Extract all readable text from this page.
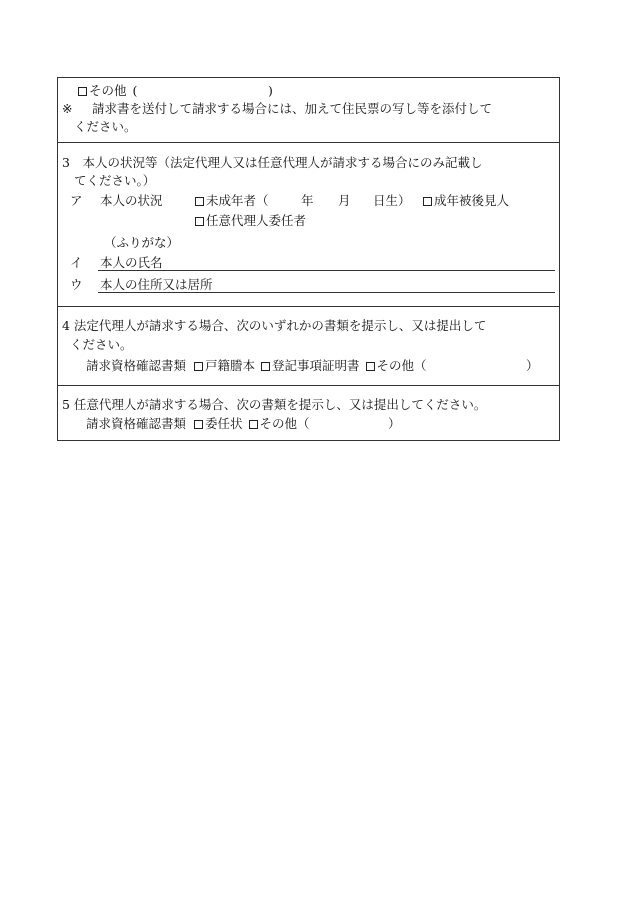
その他 (	)
※ 請求書を送付して請求する場合には、加えて住民票の写し等を添付して
ください。
3　本人の状況等（法定代理人又は任意代理人が請求する場合にのみ記載し
てください。）
ア 本人の状況	未成年者（	年 月 日生）	成年被後見人
任意代理人委任者
（ふりがな）
イ 本人の氏名
ウ 本人の住所又は居所
4 法定代理人が請求する場合、次のいずれかの書類を提示し、又は提出して
ください。
請求資格確認書類 戸籍謄本 登記事項証明書 その他（	）
5 任意代理人が請求する場合、次の書類を提示し、又は提出してください。
請求資格確認書類 委任状 その他（	）
